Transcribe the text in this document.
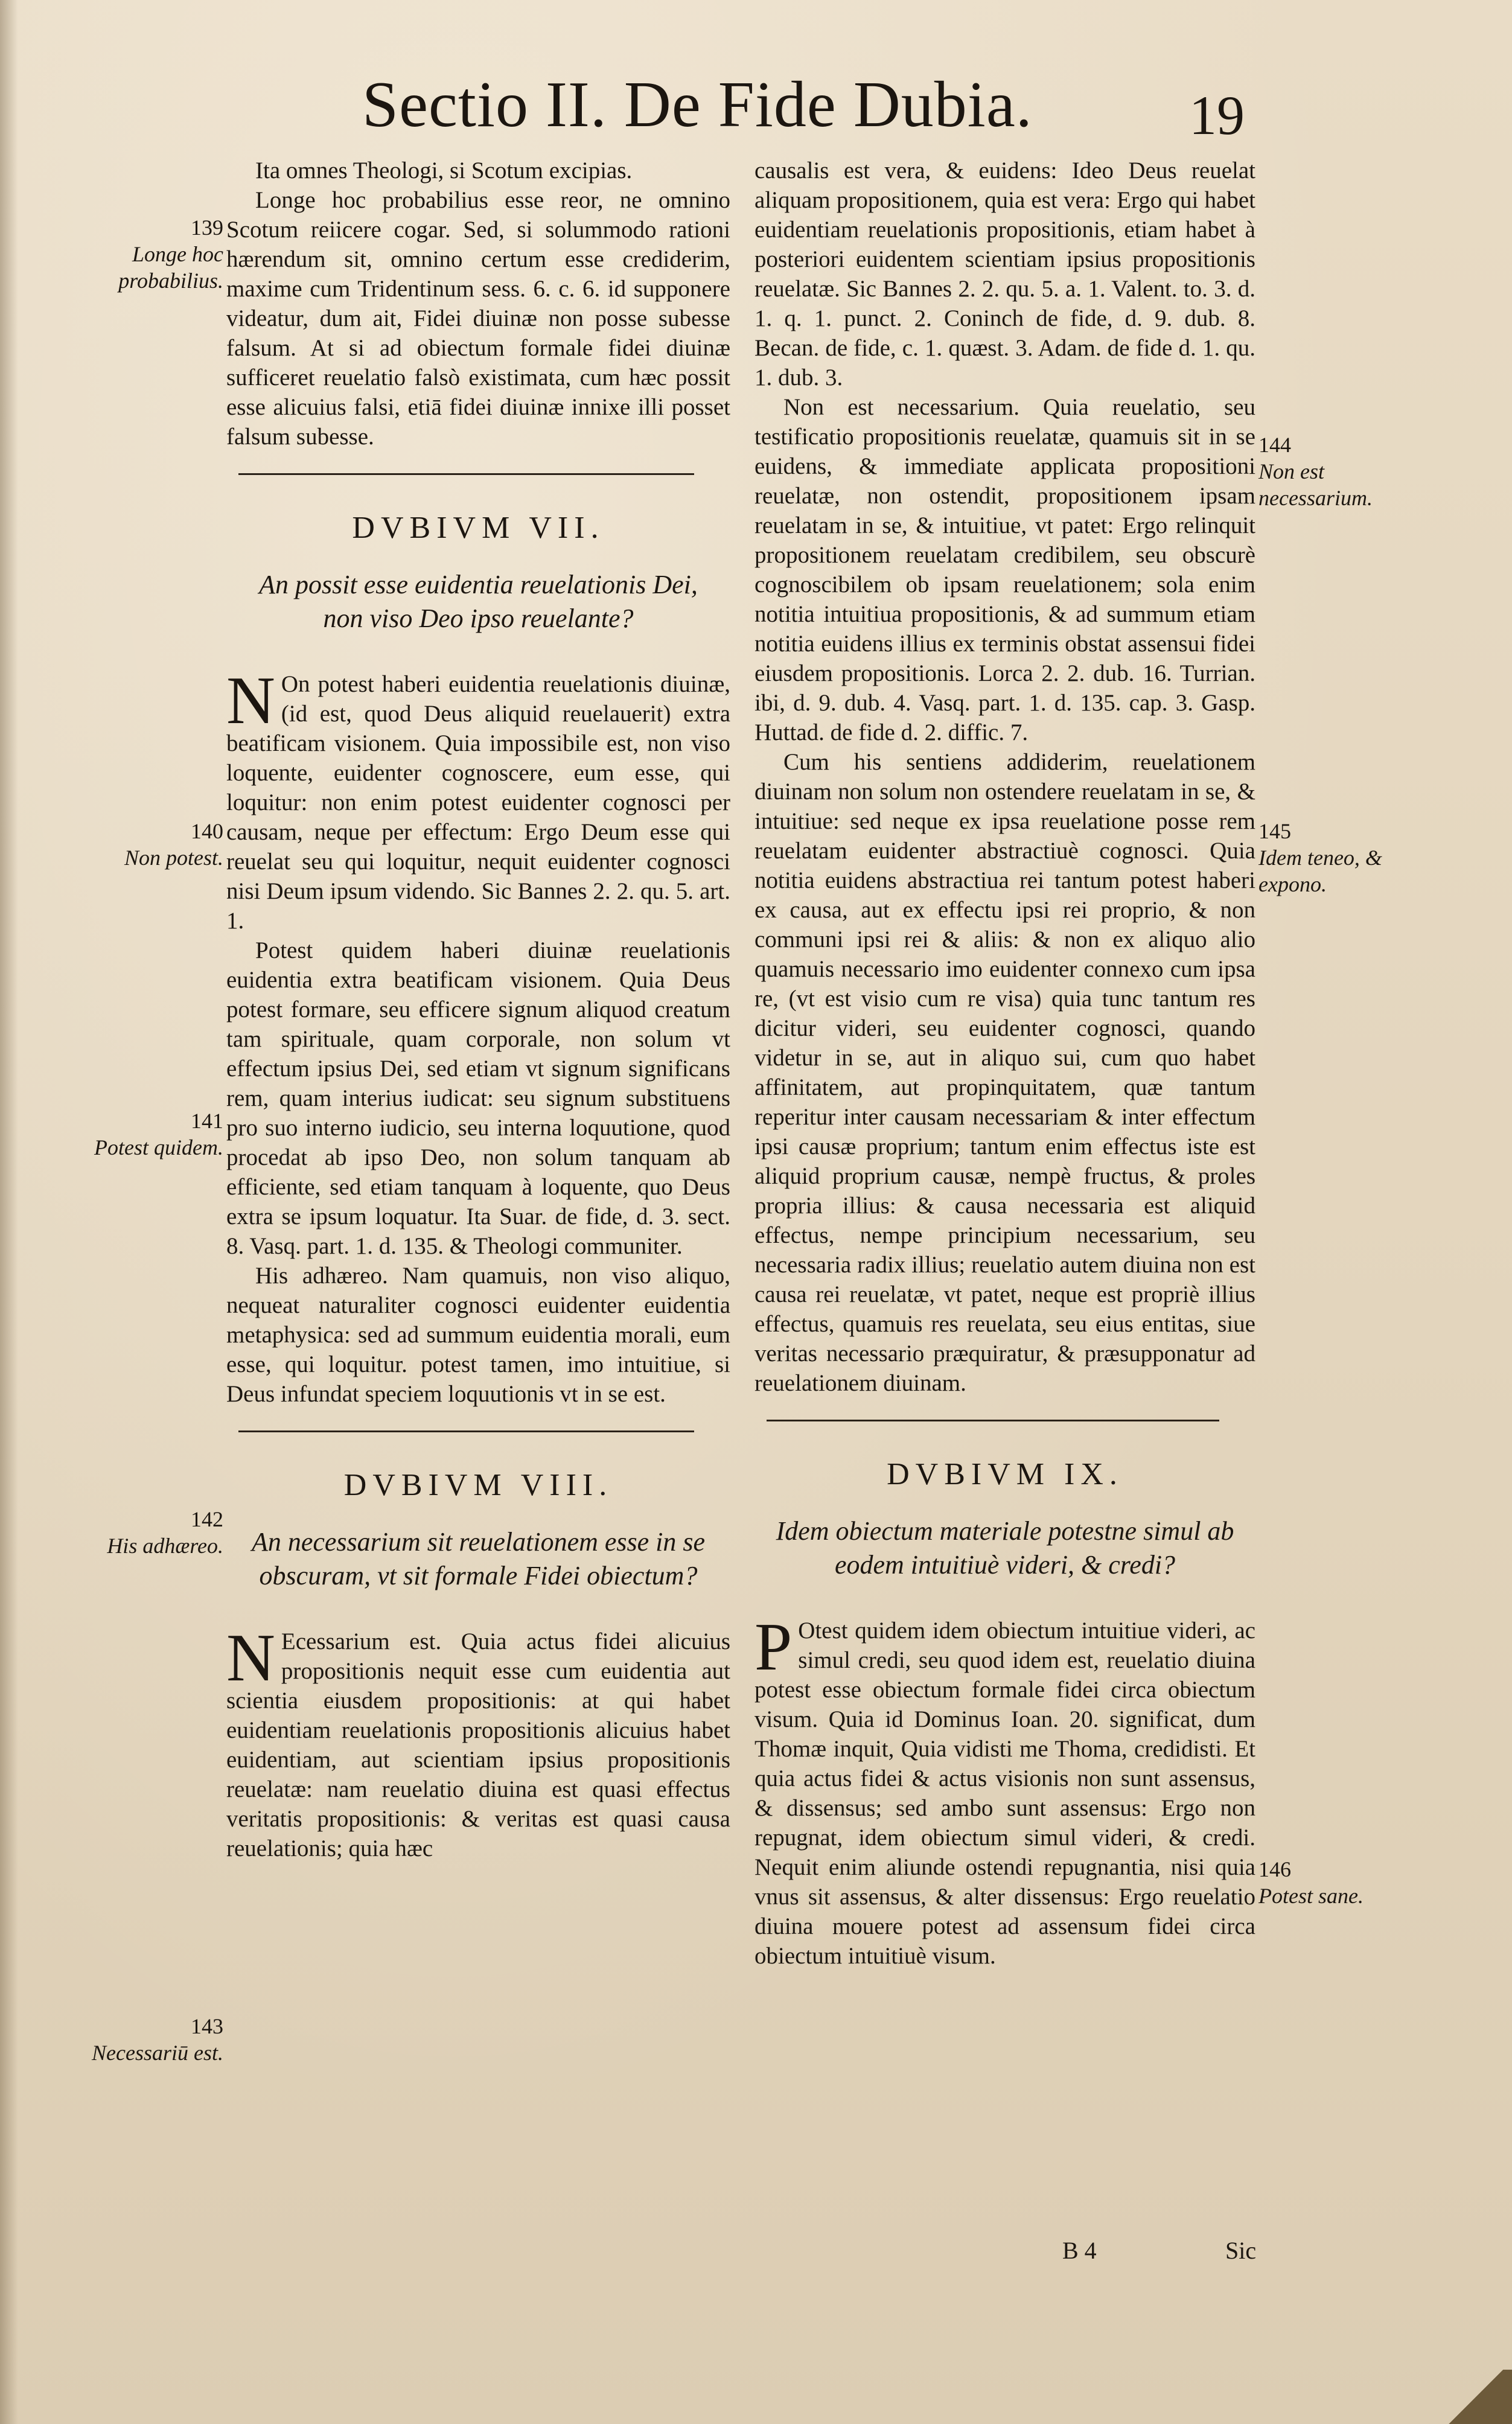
Sectio II. De Fide Dubia.	19
139
Longe hoc probabilius.
140
Non potest.
141
Potest quidem.
142
His adhæreo.
143
Necessariū est.
144
Non est necessarium.
145
Idem teneo, & expono.
146
Potest sane.

Ita omnes Theologi, si Scotum excipias.

Longe hoc probabilius esse reor, ne omnino Scotum reiicere cogar. Sed, si solummodo rationi hærendum sit, omnino certum esse crediderim, maxime cum Tridentinum sess. 6. c. 6. id supponere videatur, dum ait, Fidei diuinæ non posse subesse falsum. At si ad obiectum formale fidei diuinæ sufficeret reuelatio falsò existimata, cum hæc possit esse alicuius falsi, etiā fidei diuinæ innixe illi posset falsum subesse.

DVBIVM VII.
An possit esse euidentia reuelationis Dei, non viso Deo ipso reuelante?
N On potest haberi euidentia reuelationis diuinæ, (id est, quod Deus aliquid reuelauerit) extra beatificam visionem. Quia impossibile est, non viso loquente, euidenter cognoscere, eum esse, qui loquitur: non enim potest euidenter cognosci per causam, neque per effectum: Ergo Deum esse qui reuelat seu qui loquitur, nequit euidenter cognosci nisi Deum ipsum videndo. Sic Bannes 2. 2. qu. 5. art. 1.

Potest quidem haberi diuinæ reuelationis euidentia extra beatificam visionem. Quia Deus potest formare, seu efficere signum aliquod creatum tam spirituale, quam corporale, non solum vt effectum ipsius Dei, sed etiam vt signum significans rem, quam interius iudicat: seu signum substituens pro suo interno iudicio, seu interna loquutione, quod procedat ab ipso Deo, non solum tanquam ab efficiente, sed etiam tanquam à loquente, quo Deus extra se ipsum loquatur. Ita Suar. de fide, d. 3. sect. 8. Vasq. part. 1. d. 135. & Theologi communiter.

His adhæreo. Nam quamuis, non viso aliquo, nequeat naturaliter cognosci euidenter euidentia metaphysica: sed ad summum euidentia morali, eum esse, qui loquitur. potest tamen, imo intuitiue, si Deus infundat speciem loquutionis vt in se est.

DVBIVM VIII.
An necessarium sit reuelationem esse in se obscuram, vt sit formale Fidei obiectum?
N Ecessarium est. Quia actus fidei alicuius propositionis nequit esse cum euidentia aut scientia eiusdem propositionis: at qui habet euidentiam reuelationis propositionis alicuius habet euidentiam, aut scientiam ipsius propositionis reuelatæ: nam reuelatio diuina est quasi effectus veritatis propositionis: & veritas est quasi causa reuelationis; quia hæc

causalis est vera, & euidens: Ideo Deus reuelat aliquam propositionem, quia est vera: Ergo qui habet euidentiam reuelationis propositionis, etiam habet à posteriori euidentem scientiam ipsius propositionis reuelatæ. Sic Bannes 2. 2. qu. 5. a. 1. Valent. to. 3. d. 1. q. 1. punct. 2. Coninch de fide, d. 9. dub. 8. Becan. de fide, c. 1. quæst. 3. Adam. de fide d. 1. qu. 1. dub. 3.

Non est necessarium. Quia reuelatio, seu testificatio propositionis reuelatæ, quamuis sit in se euidens, & immediate applicata propositioni reuelatæ, non ostendit, propositionem ipsam reuelatam in se, & intuitiue, vt patet: Ergo relinquit propositionem reuelatam credibilem, seu obscurè cognoscibilem ob ipsam reuelationem; sola enim notitia intuitiua propositionis, & ad summum etiam notitia euidens illius ex terminis obstat assensui fidei eiusdem propositionis. Lorca 2. 2. dub. 16. Turrian. ibi, d. 9. dub. 4. Vasq. part. 1. d. 135. cap. 3. Gasp. Huttad. de fide d. 2. diffic. 7.

Cum his sentiens addiderim, reuelationem diuinam non solum non ostendere reuelatam in se, & intuitiue: sed neque ex ipsa reuelatione posse rem reuelatam euidenter abstractiuè cognosci. Quia notitia euidens abstractiua rei tantum potest haberi ex causa, aut ex effectu ipsi rei proprio, & non communi ipsi rei & aliis: & non ex aliquo alio quamuis necessario imo euidenter connexo cum ipsa re, (vt est visio cum re visa) quia tunc tantum res dicitur videri, seu euidenter cognosci, quando videtur in se, aut in aliquo sui, cum quo habet affinitatem, aut propinquitatem, quæ tantum reperitur inter causam necessariam & inter effectum ipsi causæ proprium; tantum enim effectus iste est aliquid proprium causæ, nempè fructus, & proles propria illius: & causa necessaria est aliquid effectus, nempe principium necessarium, seu necessaria radix illius; reuelatio autem diuina non est causa rei reuelatæ, vt patet, neque est propriè illius effectus, quamuis res reuelata, seu eius entitas, siue veritas necessario præquiratur, & præsupponatur ad reuelationem diuinam.

DVBIVM IX.
Idem obiectum materiale potestne simul ab eodem intuitiuè videri, & credi?
P Otest quidem idem obiectum intuitiue videri, ac simul credi, seu quod idem est, reuelatio diuina potest esse obiectum formale fidei circa obiectum visum. Quia id Dominus Ioan. 20. significat, dum Thomæ inquit, Quia vidisti me Thoma, credidisti. Et quia actus fidei & actus visionis non sunt assensus, & dissensus; sed ambo sunt assensus: Ergo non repugnat, idem obiectum simul videri, & credi. Nequit enim aliunde ostendi repugnantia, nisi quia vnus sit assensus, & alter dissensus: Ergo reuelatio diuina mouere potest ad assensum fidei circa obiectum intuitiuè visum.

B 4	Sic
